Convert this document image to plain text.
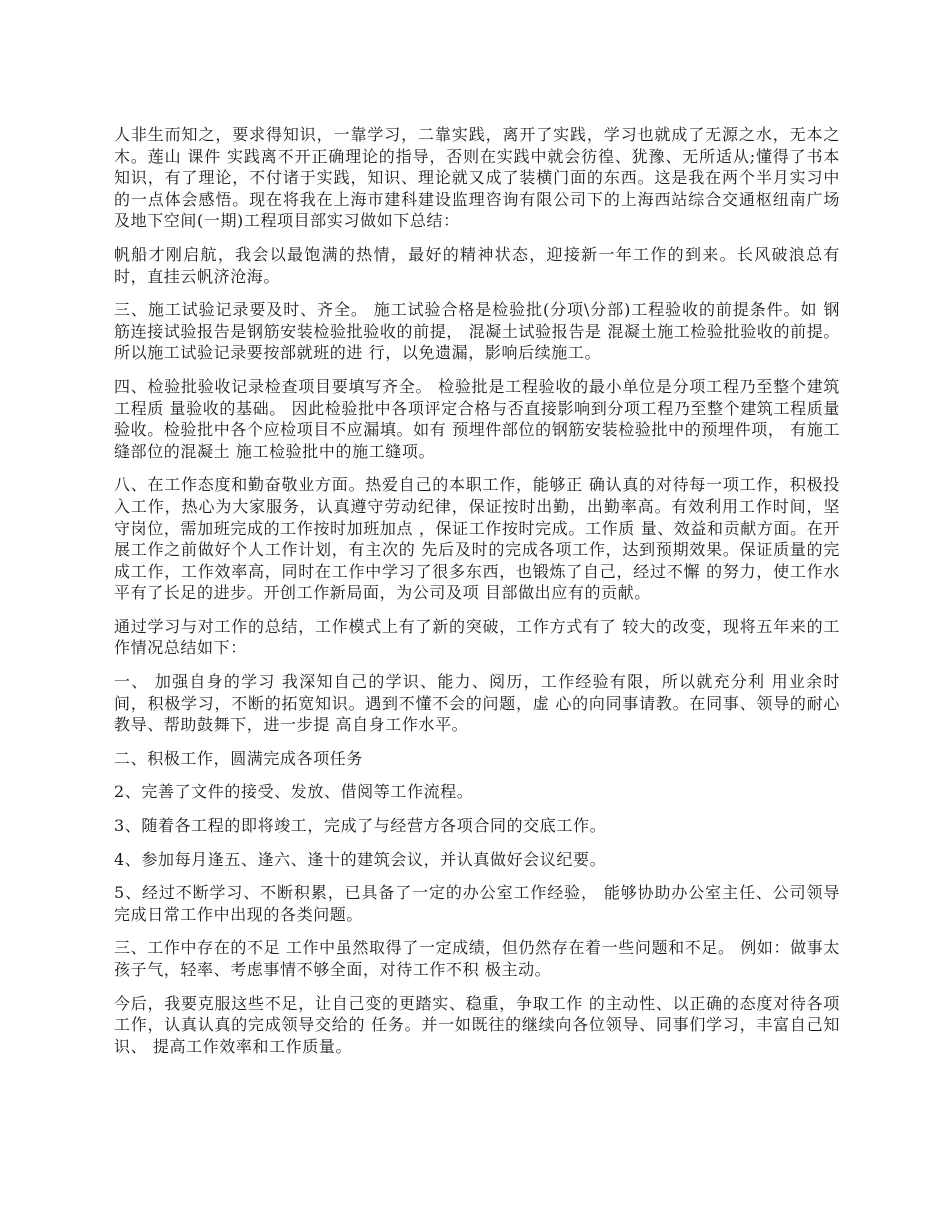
人非生而知之，要求得知识，一靠学习，二靠实践，离开了实践，学习也就成了无源之水，无本之木。莲山 课件 实践离不开正确理论的指导，否则在实践中就会彷徨、犹豫、无所适从;懂得了书本知识，有了理论，不付诸于实践，知识、理论就又成了装横门面的东西。这是我在两个半月实习中的一点体会感悟。现在将我在上海市建科建设监理咨询有限公司下的上海西站综合交通枢纽南广场及地下空间(一期)工程项目部实习做如下总结：

帆船才刚启航，我会以最饱满的热情，最好的精神状态，迎接新一年工作的到来。长风破浪总有时，直挂云帆济沧海。

三、施工试验记录要及时、齐全。 施工试验合格是检验批(分项\分部)工程验收的前提条件。如 钢筋连接试验报告是钢筋安装检验批验收的前提， 混凝土试验报告是 混凝土施工检验批验收的前提。所以施工试验记录要按部就班的进 行，以免遗漏，影响后续施工。

四、检验批验收记录检查项目要填写齐全。 检验批是工程验收的最小单位是分项工程乃至整个建筑工程质 量验收的基础。 因此检验批中各项评定合格与否直接影响到分项工程乃至整个建筑工程质量验收。检验批中各个应检项目不应漏填。如有 预埋件部位的钢筋安装检验批中的预埋件项， 有施工缝部位的混凝土 施工检验批中的施工缝项。

八、在工作态度和勤奋敬业方面。热爱自己的本职工作，能够正 确认真的对待每一项工作，积极投入工作，热心为大家服务，认真遵守劳动纪律，保证按时出勤，出勤率高。有效利用工作时间，坚守岗位，需加班完成的工作按时加班加点 ，保证工作按时完成。工作质 量、效益和贡献方面。在开展工作之前做好个人工作计划，有主次的 先后及时的完成各项工作，达到预期效果。保证质量的完成工作，工作效率高，同时在工作中学习了很多东西，也锻炼了自己，经过不懈 的努力，使工作水平有了长足的进步。开创工作新局面，为公司及项 目部做出应有的贡献。

通过学习与对工作的总结，工作模式上有了新的突破，工作方式有了 较大的改变，现将五年来的工作情况总结如下：

一、 加强自身的学习 我深知自己的学识、能力、阅历，工作经验有限，所以就充分利 用业余时间，积极学习，不断的拓宽知识。遇到不懂不会的问题，虚 心的向同事请教。在同事、领导的耐心教导、帮助鼓舞下，进一步提 高自身工作水平。

二、积极工作，圆满完成各项任务

2、完善了文件的接受、发放、借阅等工作流程。

3、随着各工程的即将竣工，完成了与经营方各项合同的交底工作。

4、参加每月逢五、逢六、逢十的建筑会议，并认真做好会议纪要。

5、经过不断学习、不断积累，已具备了一定的办公室工作经验， 能够协助办公室主任、公司领导完成日常工作中出现的各类问题。

三、工作中存在的不足 工作中虽然取得了一定成绩，但仍然存在着一些问题和不足。 例如：做事太孩子气，轻率、考虑事情不够全面，对待工作不积 极主动。

今后，我要克服这些不足，让自己变的更踏实、稳重，争取工作 的主动性、以正确的态度对待各项工作，认真认真的完成领导交给的 任务。并一如既往的继续向各位领导、同事们学习，丰富自己知识、 提高工作效率和工作质量。
